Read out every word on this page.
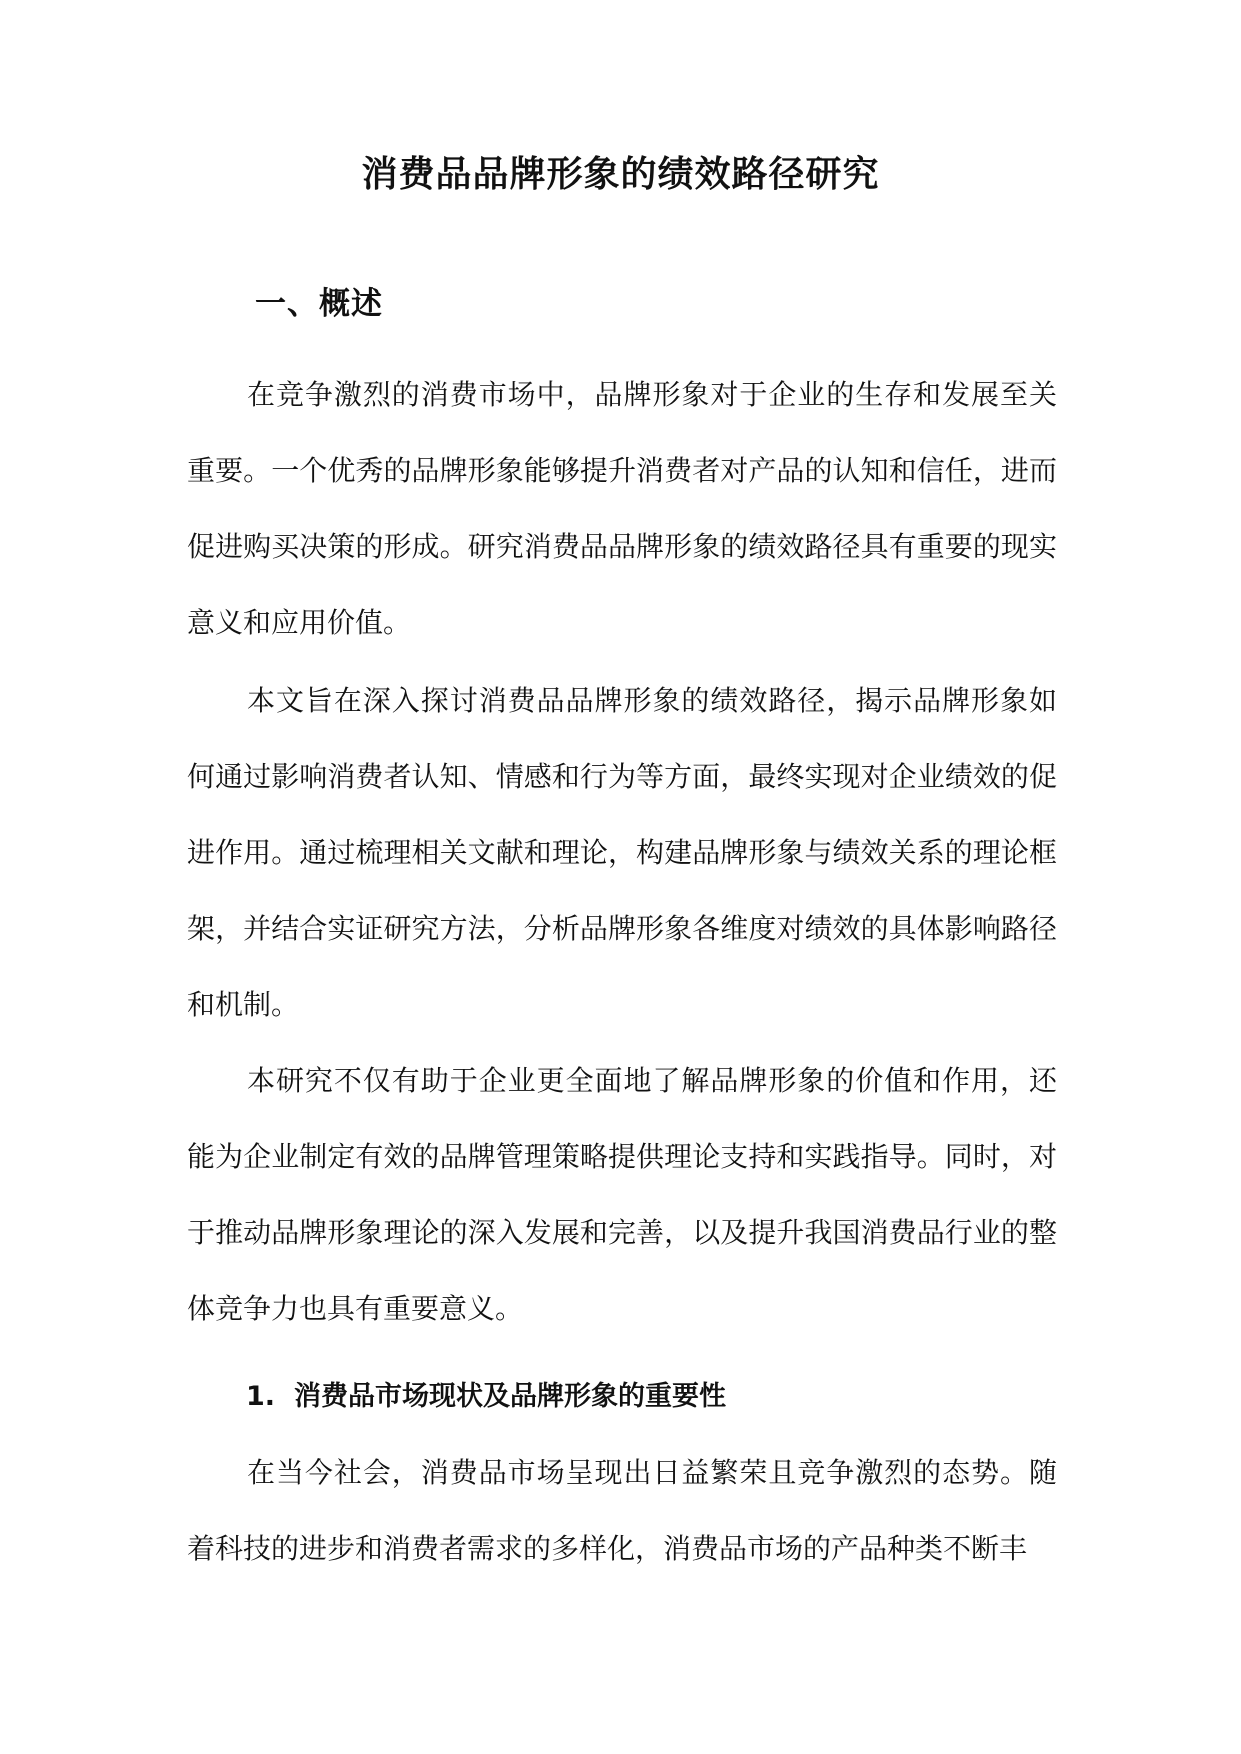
消费品品牌形象的绩效路径研究
一、概述

在竞争激烈的消费市场中，品牌形象对于企业的生存和发展至关重要。一个优秀的品牌形象能够提升消费者对产品的认知和信任，进而促进购买决策的形成。研究消费品品牌形象的绩效路径具有重要的现实意义和应用价值。

本文旨在深入探讨消费品品牌形象的绩效路径，揭示品牌形象如何通过影响消费者认知、情感和行为等方面，最终实现对企业绩效的促进作用。通过梳理相关文献和理论，构建品牌形象与绩效关系的理论框架，并结合实证研究方法，分析品牌形象各维度对绩效的具体影响路径和机制。

本研究不仅有助于企业更全面地了解品牌形象的价值和作用，还能为企业制定有效的品牌管理策略提供理论支持和实践指导。同时，对于推动品牌形象理论的深入发展和完善，以及提升我国消费品行业的整体竞争力也具有重要意义。

1. 消费品市场现状及品牌形象的重要性

在当今社会，消费品市场呈现出日益繁荣且竞争激烈的态势。随着科技的进步和消费者需求的多样化，消费品市场的产品种类不断丰
